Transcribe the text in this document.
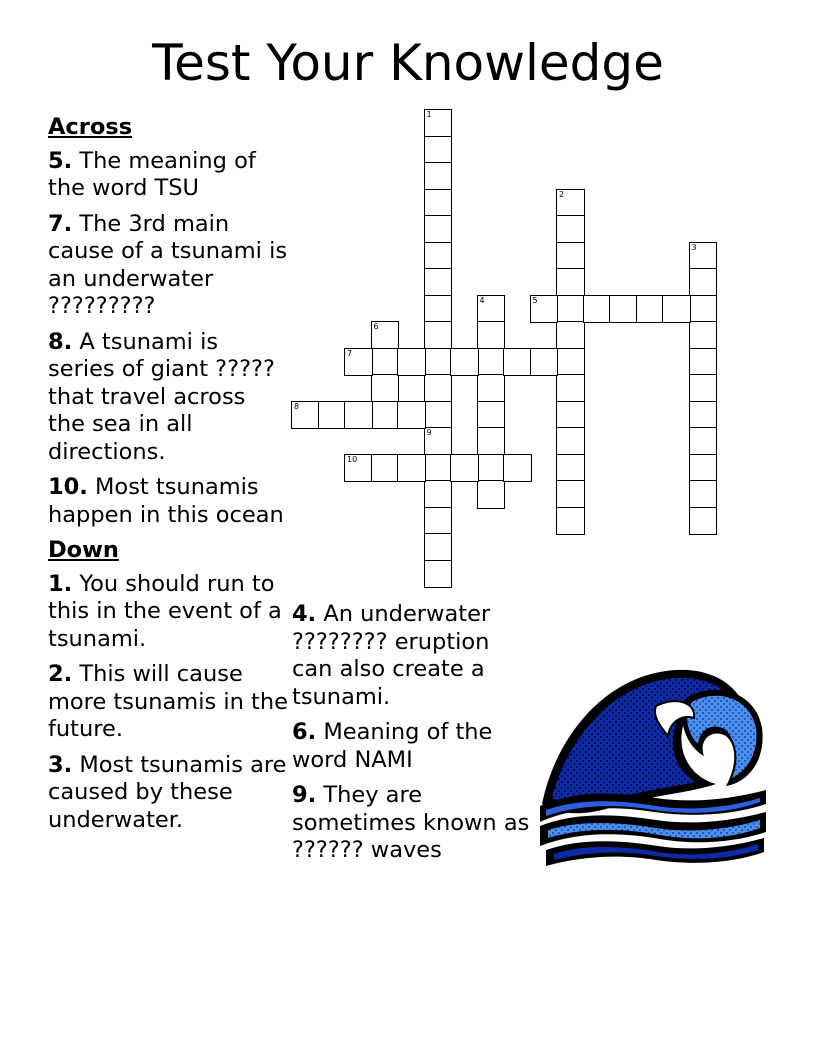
Test Your Knowledge
Across
5. The meaning of the word TSU
7. The 3rd main cause of a tsunami is an underwater ?????????
8. A tsunami is series of giant ????? that travel across the sea in all directions.
10. Most tsunamis happen in this ocean
Down
1. You should run to this in the event of a tsunami.
2. This will cause more tsunamis in the future.
3. Most tsunamis are caused by these underwater.
4. An underwater ???????? eruption can also create a tsunami.
6. Meaning of the word NAMI
9. They are sometimes known as ?????? waves
1
9
2
3
4	5
6
7
8
10
